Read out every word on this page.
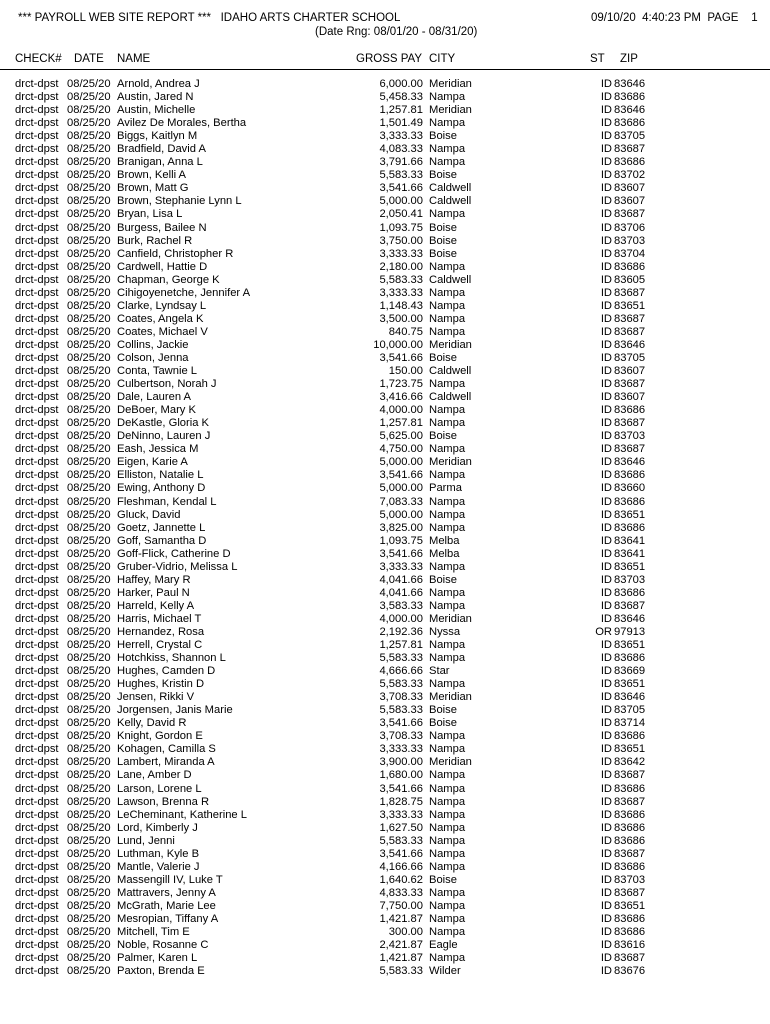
*** PAYROLL WEB SITE REPORT ***   IDAHO ARTS CHARTER SCHOOL
(Date Rng: 08/01/20 - 08/31/20)
09/10/20  4:40:23 PM  PAGE    1
CHECK# DATE NAME	GROSS PAY CITY	ST ZIP
drct-dpst 08/25/20 Arnold, Andrea J	6,000.00 Meridian	ID 83646
drct-dpst 08/25/20 Austin, Jared N	5,458.33 Nampa	ID 83686
drct-dpst 08/25/20 Austin, Michelle	1,257.81 Meridian	ID 83646
drct-dpst 08/25/20 Avilez De Morales, Bertha	1,501.49 Nampa	ID 83686
drct-dpst 08/25/20 Biggs, Kaitlyn M	3,333.33 Boise	ID 83705
drct-dpst 08/25/20 Bradfield, David A	4,083.33 Nampa	ID 83687
drct-dpst 08/25/20 Branigan, Anna L	3,791.66 Nampa	ID 83686
drct-dpst 08/25/20 Brown, Kelli A	5,583.33 Boise	ID 83702
drct-dpst 08/25/20 Brown, Matt G	3,541.66 Caldwell	ID 83607
drct-dpst 08/25/20 Brown, Stephanie Lynn L	5,000.00 Caldwell	ID 83607
drct-dpst 08/25/20 Bryan, Lisa L	2,050.41 Nampa	ID 83687
drct-dpst 08/25/20 Burgess, Bailee N	1,093.75 Boise	ID 83706
drct-dpst 08/25/20 Burk, Rachel R	3,750.00 Boise	ID 83703
drct-dpst 08/25/20 Canfield, Christopher R	3,333.33 Boise	ID 83704
drct-dpst 08/25/20 Cardwell, Hattie D	2,180.00 Nampa	ID 83686
drct-dpst 08/25/20 Chapman, George K	5,583.33 Caldwell	ID 83605
drct-dpst 08/25/20 Cihigoyenetche, Jennifer A	3,333.33 Nampa	ID 83687
drct-dpst 08/25/20 Clarke, Lyndsay L	1,148.43 Nampa	ID 83651
drct-dpst 08/25/20 Coates, Angela K	3,500.00 Nampa	ID 83687
drct-dpst 08/25/20 Coates, Michael V	840.75 Nampa	ID 83687
drct-dpst 08/25/20 Collins, Jackie	10,000.00 Meridian	ID 83646
drct-dpst 08/25/20 Colson, Jenna	3,541.66 Boise	ID 83705
drct-dpst 08/25/20 Conta, Tawnie L	150.00 Caldwell	ID 83607
drct-dpst 08/25/20 Culbertson, Norah J	1,723.75 Nampa	ID 83687
drct-dpst 08/25/20 Dale, Lauren A	3,416.66 Caldwell	ID 83607
drct-dpst 08/25/20 DeBoer, Mary K	4,000.00 Nampa	ID 83686
drct-dpst 08/25/20 DeKastle, Gloria K	1,257.81 Nampa	ID 83687
drct-dpst 08/25/20 DeNinno, Lauren J	5,625.00 Boise	ID 83703
drct-dpst 08/25/20 Eash, Jessica M	4,750.00 Nampa	ID 83687
drct-dpst 08/25/20 Eigen, Karie A	5,000.00 Meridian	ID 83646
drct-dpst 08/25/20 Elliston, Natalie L	3,541.66 Nampa	ID 83686
drct-dpst 08/25/20 Ewing, Anthony D	5,000.00 Parma	ID 83660
drct-dpst 08/25/20 Fleshman, Kendal L	7,083.33 Nampa	ID 83686
drct-dpst 08/25/20 Gluck, David	5,000.00 Nampa	ID 83651
drct-dpst 08/25/20 Goetz, Jannette L	3,825.00 Nampa	ID 83686
drct-dpst 08/25/20 Goff, Samantha D	1,093.75 Melba	ID 83641
drct-dpst 08/25/20 Goff-Flick, Catherine D	3,541.66 Melba	ID 83641
drct-dpst 08/25/20 Gruber-Vidrio, Melissa L	3,333.33 Nampa	ID 83651
drct-dpst 08/25/20 Haffey, Mary R	4,041.66 Boise	ID 83703
drct-dpst 08/25/20 Harker, Paul N	4,041.66 Nampa	ID 83686
drct-dpst 08/25/20 Harreld, Kelly A	3,583.33 Nampa	ID 83687
drct-dpst 08/25/20 Harris, Michael T	4,000.00 Meridian	ID 83646
drct-dpst 08/25/20 Hernandez, Rosa	2,192.36 Nyssa	OR 97913
drct-dpst 08/25/20 Herrell, Crystal C	1,257.81 Nampa	ID 83651
drct-dpst 08/25/20 Hotchkiss, Shannon L	5,583.33 Nampa	ID 83686
drct-dpst 08/25/20 Hughes, Camden D	4,666.66 Star	ID 83669
drct-dpst 08/25/20 Hughes, Kristin D	5,583.33 Nampa	ID 83651
drct-dpst 08/25/20 Jensen, Rikki V	3,708.33 Meridian	ID 83646
drct-dpst 08/25/20 Jorgensen, Janis Marie	5,583.33 Boise	ID 83705
drct-dpst 08/25/20 Kelly, David R	3,541.66 Boise	ID 83714
drct-dpst 08/25/20 Knight, Gordon E	3,708.33 Nampa	ID 83686
drct-dpst 08/25/20 Kohagen, Camilla S	3,333.33 Nampa	ID 83651
drct-dpst 08/25/20 Lambert, Miranda A	3,900.00 Meridian	ID 83642
drct-dpst 08/25/20 Lane, Amber D	1,680.00 Nampa	ID 83687
drct-dpst 08/25/20 Larson, Lorene L	3,541.66 Nampa	ID 83686
drct-dpst 08/25/20 Lawson, Brenna R	1,828.75 Nampa	ID 83687
drct-dpst 08/25/20 LeCheminant, Katherine L	3,333.33 Nampa	ID 83686
drct-dpst 08/25/20 Lord, Kimberly J	1,627.50 Nampa	ID 83686
drct-dpst 08/25/20 Lund, Jenni	5,583.33 Nampa	ID 83686
drct-dpst 08/25/20 Luthman, Kyle B	3,541.66 Nampa	ID 83687
drct-dpst 08/25/20 Mantle, Valerie J	4,166.66 Nampa	ID 83686
drct-dpst 08/25/20 Massengill IV, Luke T	1,640.62 Boise	ID 83703
drct-dpst 08/25/20 Mattravers, Jenny A	4,833.33 Nampa	ID 83687
drct-dpst 08/25/20 McGrath, Marie Lee	7,750.00 Nampa	ID 83651
drct-dpst 08/25/20 Mesropian, Tiffany A	1,421.87 Nampa	ID 83686
drct-dpst 08/25/20 Mitchell, Tim E	300.00 Nampa	ID 83686
drct-dpst 08/25/20 Noble, Rosanne C	2,421.87 Eagle	ID 83616
drct-dpst 08/25/20 Palmer, Karen L	1,421.87 Nampa	ID 83687
drct-dpst 08/25/20 Paxton, Brenda E	5,583.33 Wilder	ID 83676
